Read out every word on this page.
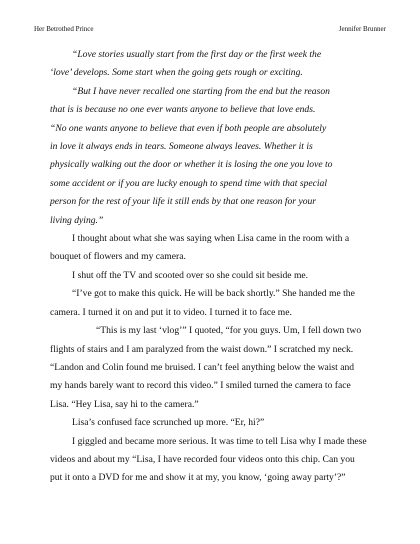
Her Betrothed Prince	Jennifer Brunner
“Love stories usually start from the first day or the first week the
‘love’ develops. Some start when the going gets rough or exciting.
“But I have never recalled one starting from the end but the reason
that is is because no one ever wants anyone to believe that love ends.
“No one wants anyone to believe that even if both people are absolutely
in love it always ends in tears. Someone always leaves. Whether it is
physically walking out the door or whether it is losing the one you love to
some accident or if you are lucky enough to spend time with that special
person for the rest of your life it still ends by that one reason for your
living dying.”
I thought about what she was saying when Lisa came in the room with a
bouquet of flowers and my camera.
I shut off the TV and scooted over so she could sit beside me.
“I’ve got to make this quick. He will be back shortly.” She handed me the
camera. I turned it on and put it to video. I turned it to face me.
“This is my last ‘vlog’” I quoted, “for you guys. Um, I fell down two
flights of stairs and I am paralyzed from the waist down.” I scratched my neck.
“Landon and Colin found me bruised. I can’t feel anything below the waist and
my hands barely want to record this video.” I smiled turned the camera to face
Lisa. “Hey Lisa, say hi to the camera.”
Lisa’s confused face scrunched up more. “Er, hi?”
I giggled and became more serious. It was time to tell Lisa why I made these
videos and about my “Lisa, I have recorded four videos onto this chip. Can you
put it onto a DVD for me and show it at my, you know, ‘going away party’?”
